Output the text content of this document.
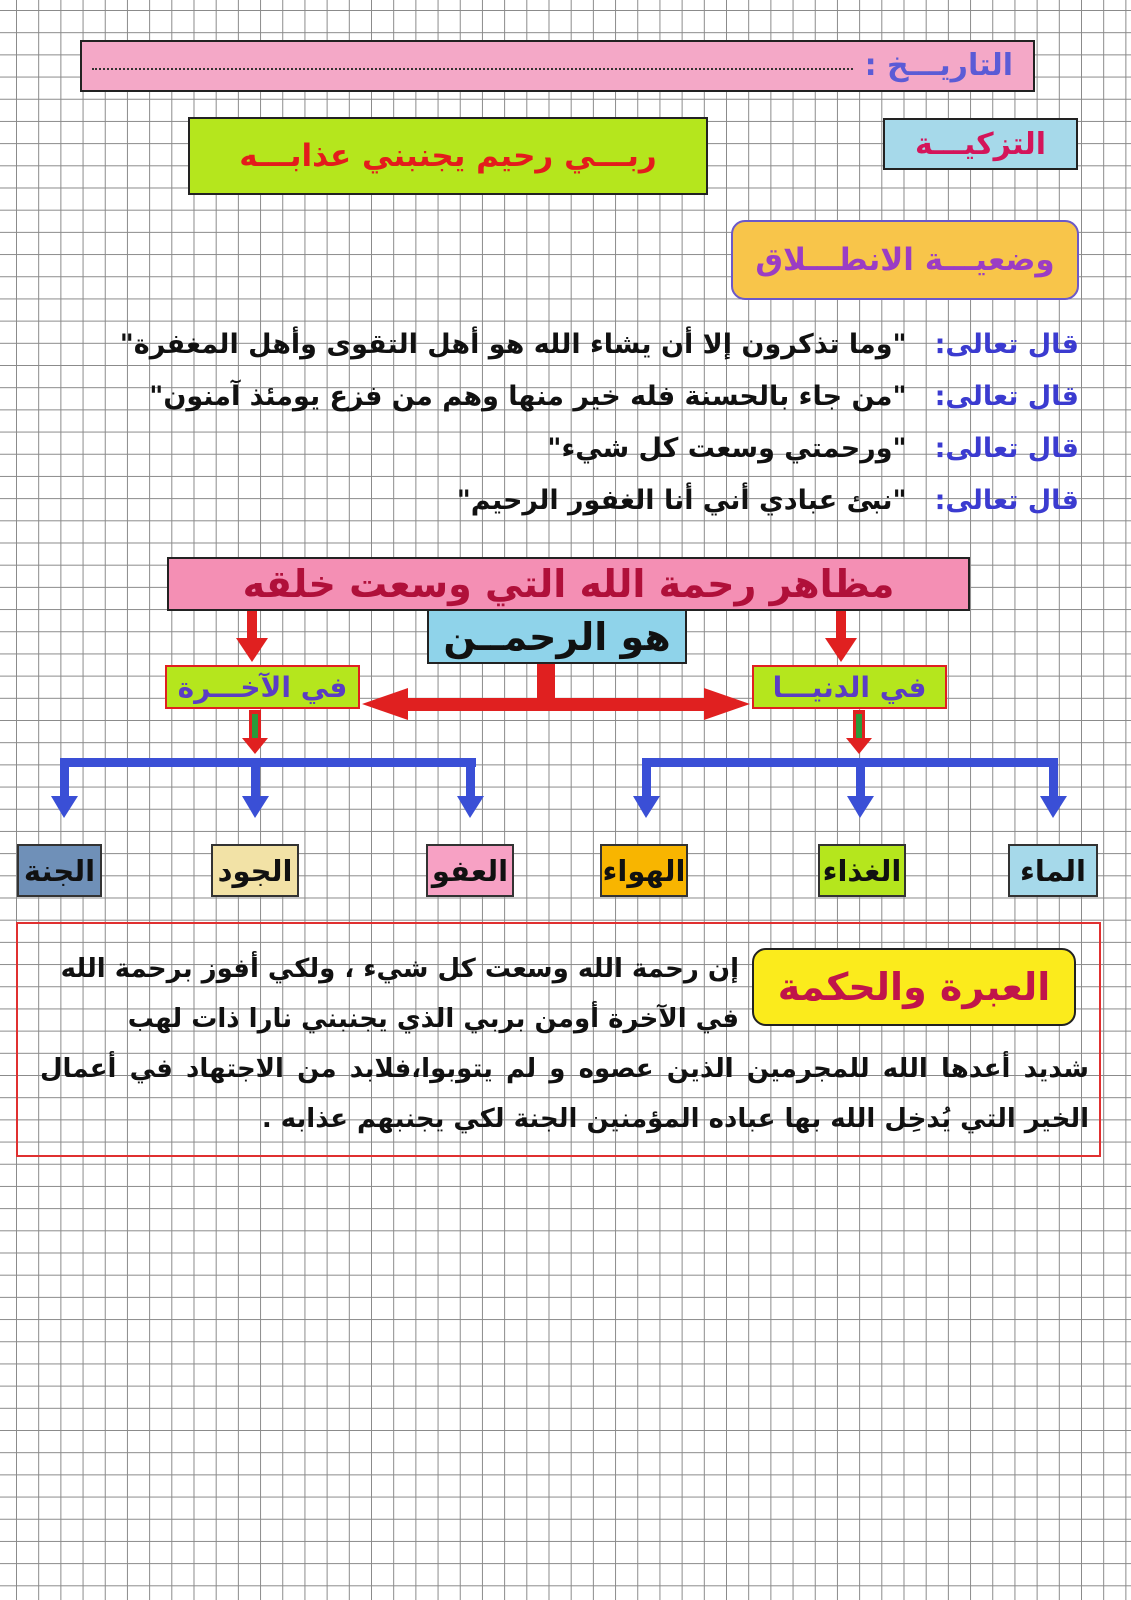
التاريـــخ :
التزكيـــة
ربـــي رحيم يجنبني عذابـــه
وضعيـــة الانطـــلاق
قال تعالى:
"وما تذكرون إلا أن يشاء الله هو أهل التقوى وأهل المغفرة"
قال تعالى:
"من جاء بالحسنة فله خير منها وهم من فزع يومئذ آمنون"
قال تعالى:
"ورحمتي وسعت كل شيء"
قال تعالى:
"نبئ عبادي أني أنا الغفور الرحيم"
مظاهر رحمة الله التي وسعت خلقه
هو الرحمــن
في الدنيـــا
في الآخـــرة
الماء
الغذاء
الهواء
العفو
الجود
الجنة
إن رحمة الله وسعت كل شيء ، ولكي أفوز برحمة الله
في الآخرة أومن بربي الذي يجنبني نارا ذات لهب
شديد أعدها الله للمجرمين الذين عصوه و لم يتوبوا،فلابد من الاجتهاد في أعمال الخير التي يُدخِل الله بها عباده المؤمنين الجنة لكي يجنبهم عذابه .
العبرة والحكمة
